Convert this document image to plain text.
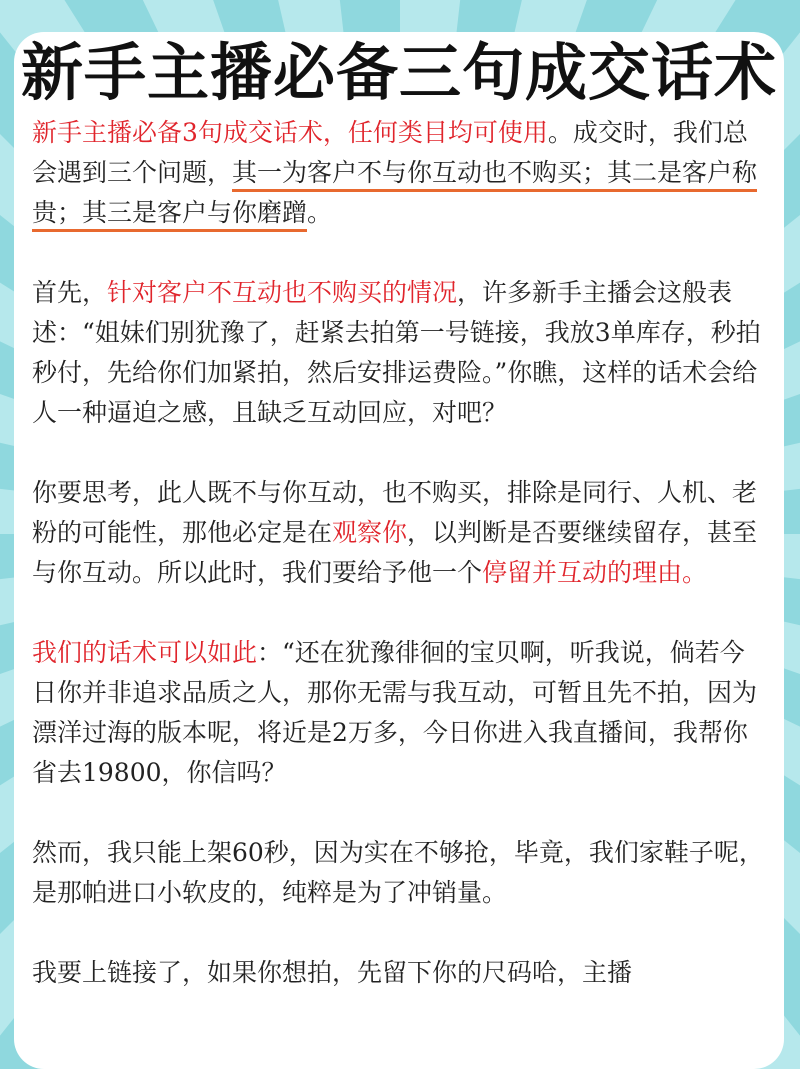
新手主播必备三句成交话术

新手主播必备3句成交话术，任何类目均可使用。成交时，我们总会遇到三个问题，其一为客户不与你互动也不购买；其二是客户称贵；其三是客户与你磨蹭。

首先，针对客户不互动也不购买的情况，许多新手主播会这般表述：“姐妹们别犹豫了，赶紧去拍第一号链接，我放3单库存，秒拍秒付，先给你们加紧拍，然后安排运费险。”你瞧，这样的话术会给人一种逼迫之感，且缺乏互动回应，对吧？

你要思考，此人既不与你互动，也不购买，排除是同行、人机、老粉的可能性，那他必定是在观察你，以判断是否要继续留存，甚至与你互动。所以此时，我们要给予他一个停留并互动的理由。

我们的话术可以如此：“还在犹豫徘徊的宝贝啊，听我说，倘若今日你并非追求品质之人，那你无需与我互动，可暂且先不拍，因为漂洋过海的版本呢，将近是2万多，今日你进入我直播间，我帮你省去19800，你信吗？

然而，我只能上架60秒，因为实在不够抢，毕竟，我们家鞋子呢，是那帕进口小软皮的，纯粹是为了冲销量。

我要上链接了，如果你想拍，先留下你的尺码哈，主播
